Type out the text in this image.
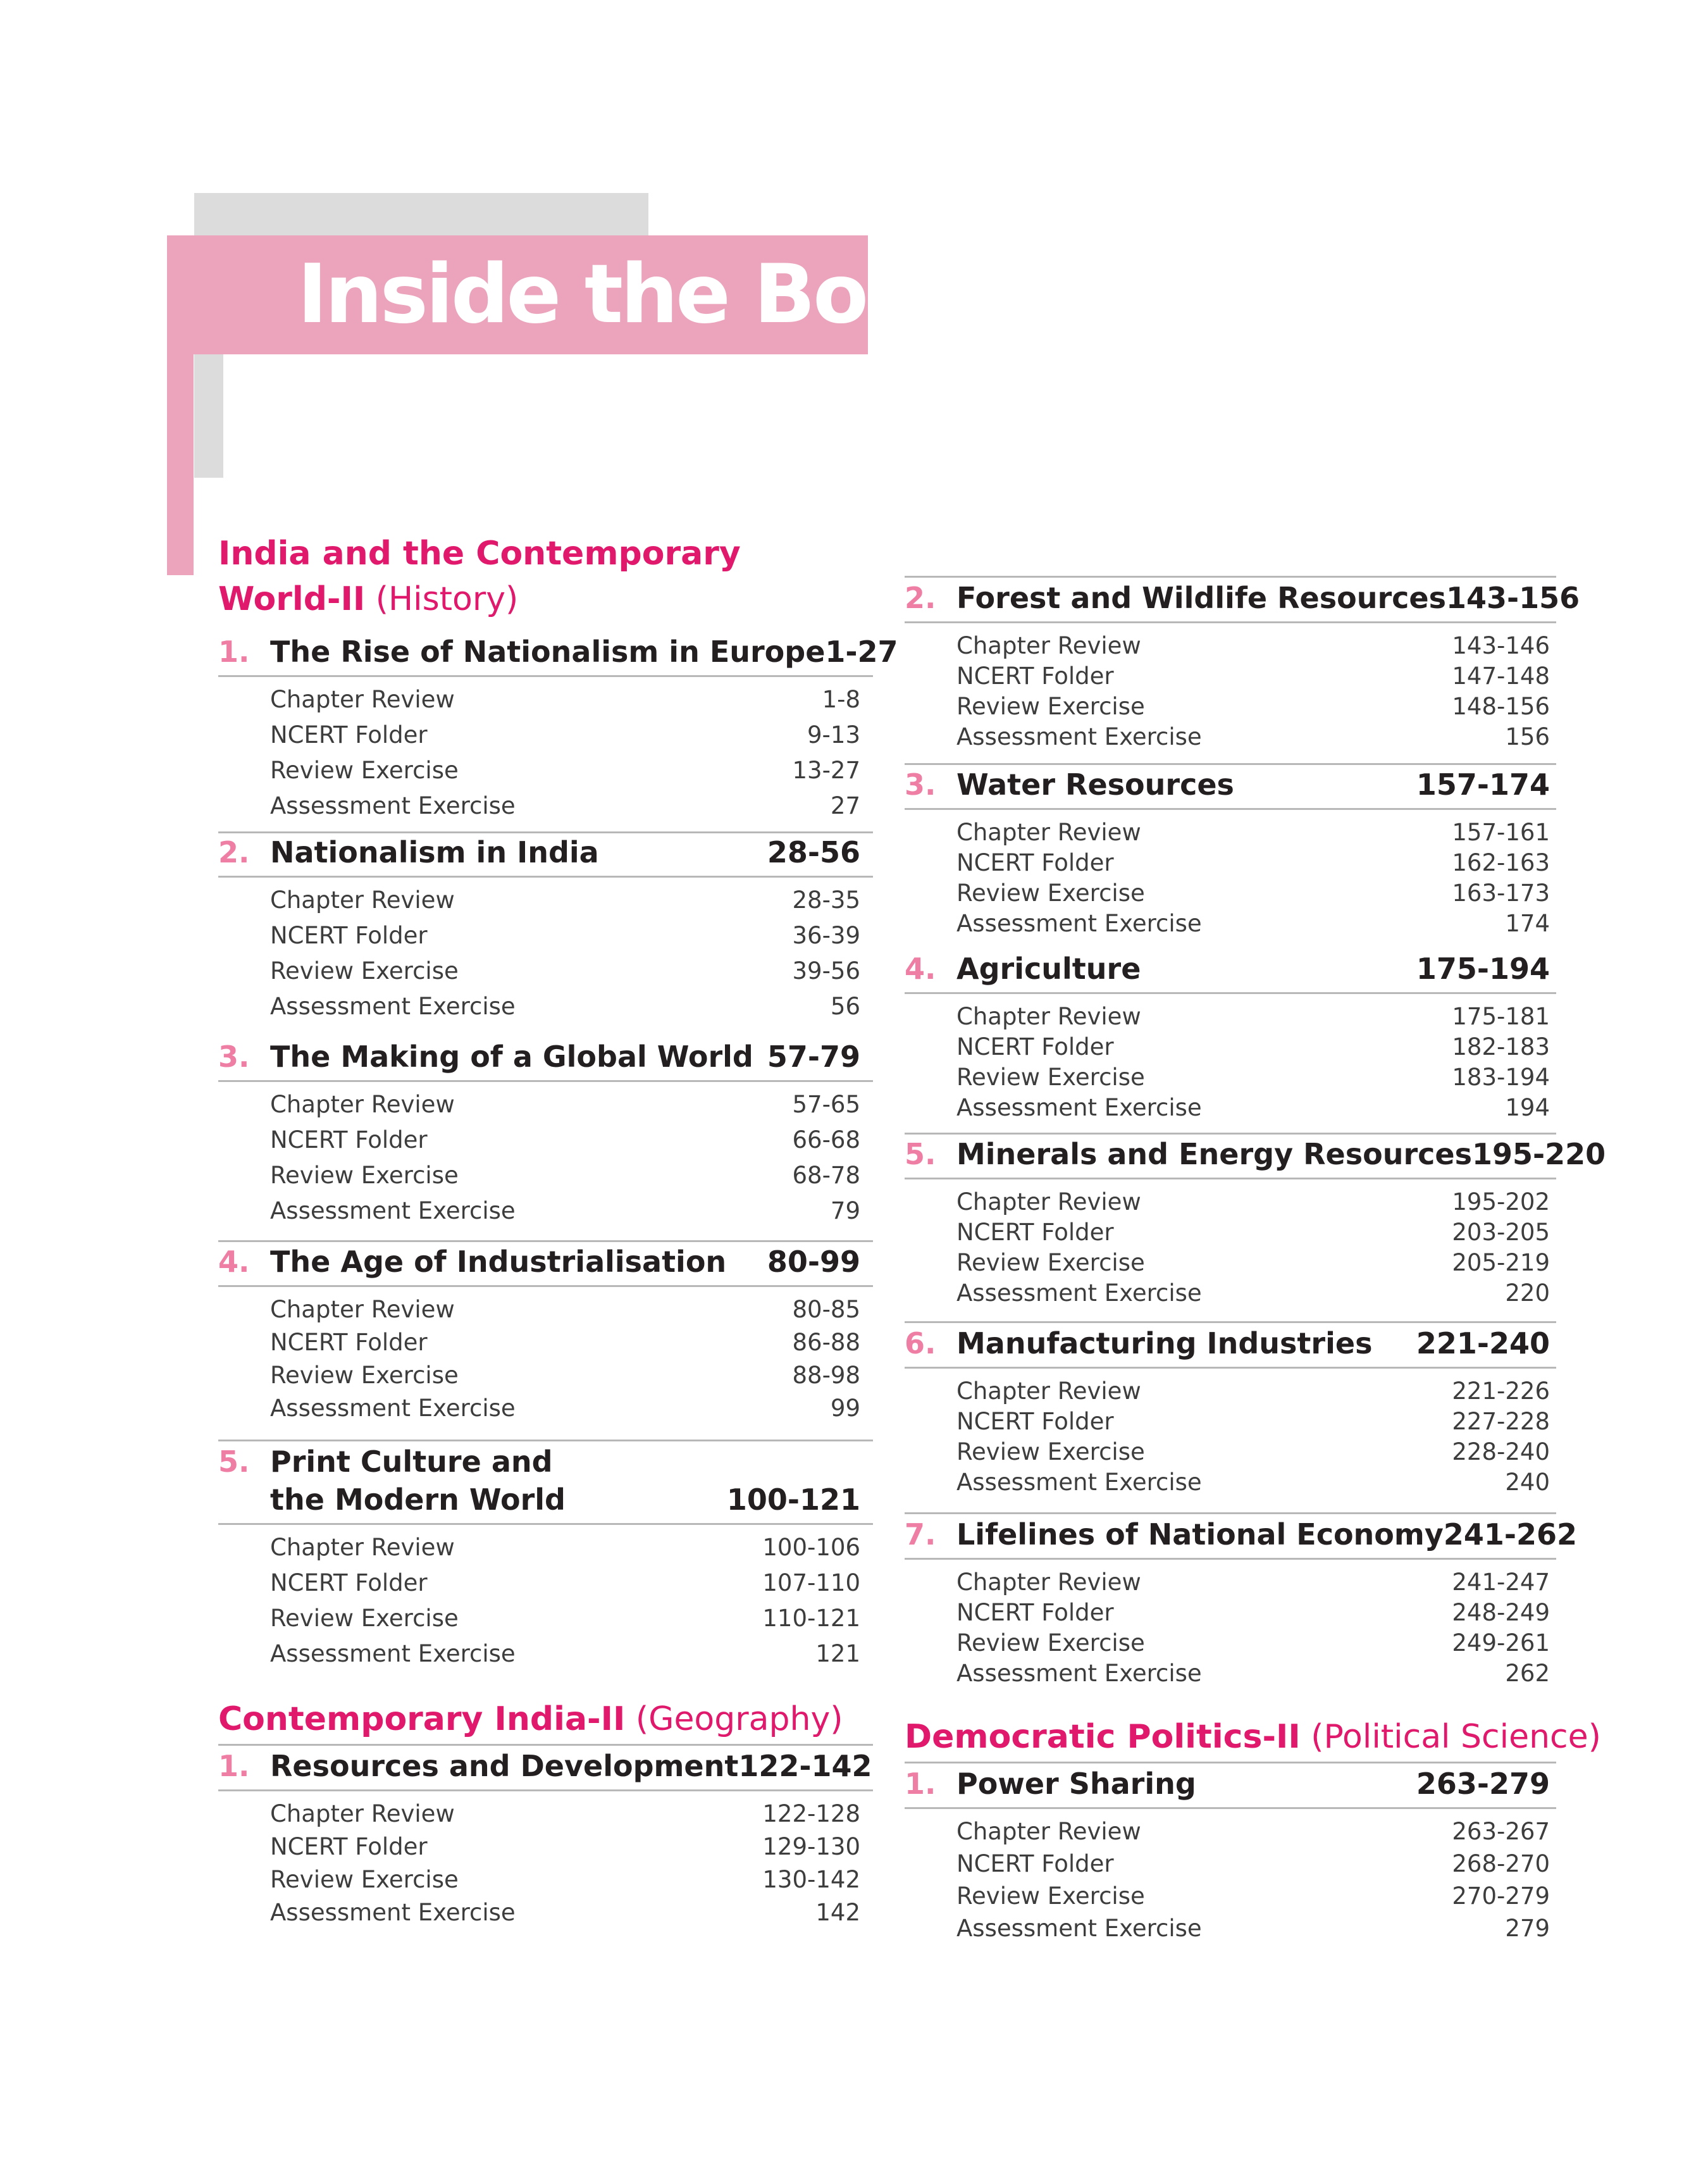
Inside the Book
India and the Contemporary
World-II (History)
1. The Rise of Nationalism in Europe 1-27
Chapter Review	1-8
NCERT Folder	9-13
Review Exercise	13-27
Assessment Exercise	27
2. Nationalism in India	28-56
Chapter Review	28-35
NCERT Folder	36-39
Review Exercise	39-56
Assessment Exercise	56
3. The Making of a Global World 57-79
Chapter Review	57-65
NCERT Folder	66-68
Review Exercise	68-78
Assessment Exercise	79
4. The Age of Industrialisation	80-99
Chapter Review	80-85
NCERT Folder	86-88
Review Exercise	88-98
Assessment Exercise	99
5. Print Culture and
the Modern World	100-121
Chapter Review	100-106
NCERT Folder	107-110
Review Exercise	110-121
Assessment Exercise	121
Contemporary India-II (Geography)
1. Resources and Development 122-142
Chapter Review	122-128
NCERT Folder	129-130
Review Exercise	130-142
Assessment Exercise	142
2. Forest and Wildlife Resources 143-156
Chapter Review	143-146
NCERT Folder	147-148
Review Exercise	148-156
Assessment Exercise	156
3. Water Resources	157-174
Chapter Review	157-161
NCERT Folder	162-163
Review Exercise	163-173
Assessment Exercise	174
4. Agriculture	175-194
Chapter Review	175-181
NCERT Folder	182-183
Review Exercise	183-194
Assessment Exercise	194
5. Minerals and Energy Resources 195-220
Chapter Review	195-202
NCERT Folder	203-205
Review Exercise	205-219
Assessment Exercise	220
6. Manufacturing Industries	221-240
Chapter Review	221-226
NCERT Folder	227-228
Review Exercise	228-240
Assessment Exercise	240
7. Lifelines of National Economy 241-262
Chapter Review	241-247
NCERT Folder	248-249
Review Exercise	249-261
Assessment Exercise	262
Democratic Politics-II (Political Science)
1. Power Sharing	263-279
Chapter Review	263-267
NCERT Folder	268-270
Review Exercise	270-279
Assessment Exercise	279
